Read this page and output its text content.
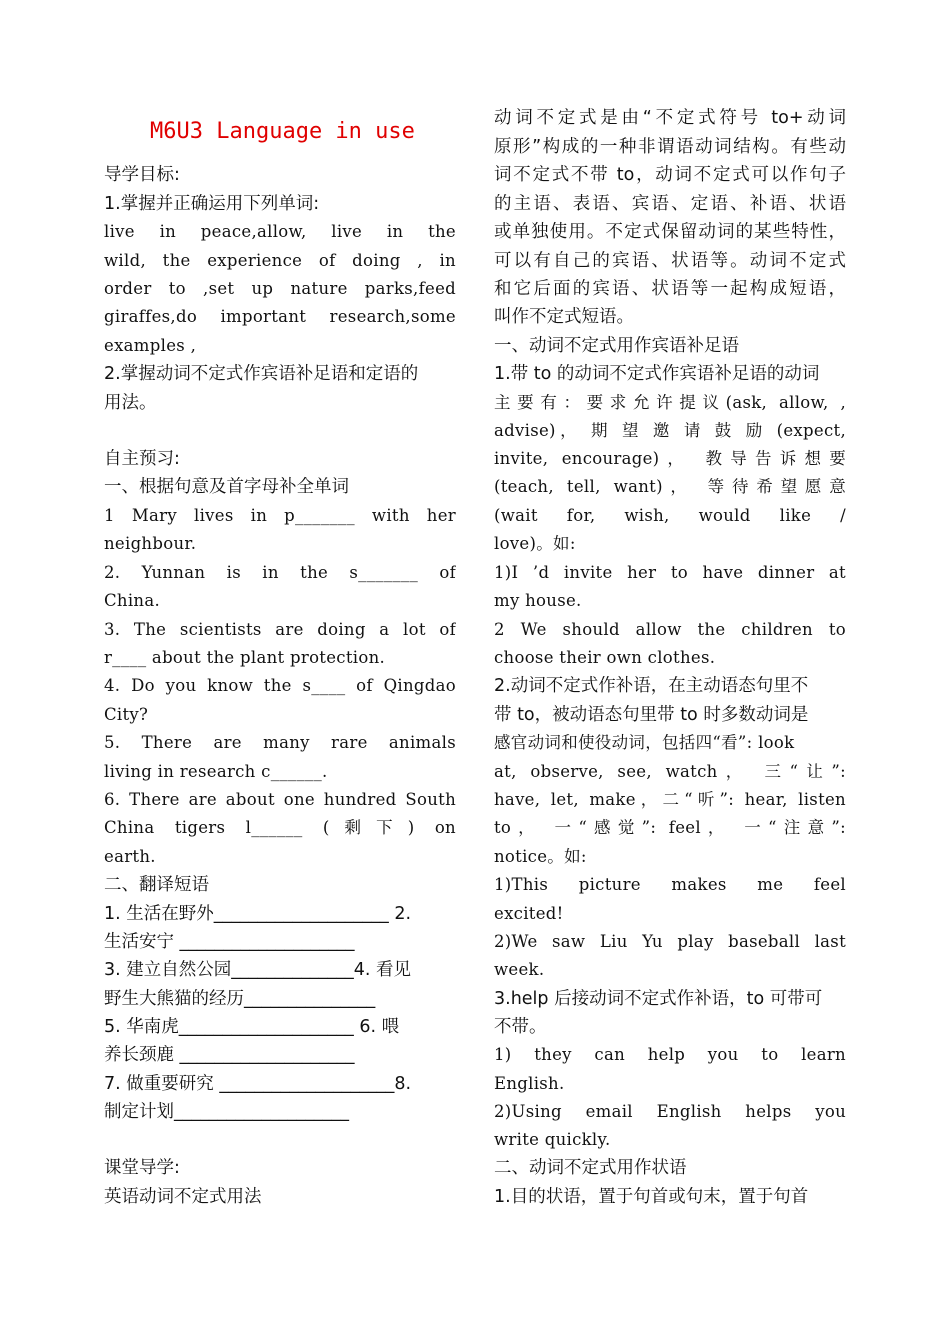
M6U3 Language in use
导学目标:
1.掌握并正确运用下列单词:
live in peace,allow, live in the
wild, the experience of doing , in
order to ,set up nature parks,feed
giraffes,do important research,some
examples ,
2.掌握动词不定式作宾语补足语和定语的
用法。
自主预习:
一、根据句意及首字母补全单词
1 Mary lives in p_______ with her
neighbour.
2. Yunnan is in the s_______ of
China.
3. The scientists are doing a lot of
r____ about the plant protection.
4. Do you know the s____ of Qingdao
City?
5. There are many rare animals
living in research c______.
6. There are about one hundred South
China tigers l______ (剩下) on
earth.
二、翻译短语
1. 生活在野外____________________ 2.
生活安宁 ____________________
3. 建立自然公园______________4. 看见
野生大熊猫的经历_______________
5. 华南虎____________________ 6. 喂
养长颈鹿 ____________________
7. 做重要研究 ____________________8.
制定计划____________________
课堂导学:
英语动词不定式用法
动词不定式是由“不定式符号 to+动词
原形”构成的一种非谓语动词结构。有些动
词不定式不带 to，动词不定式可以作句子
的主语、表语、宾语、定语、补语、状语
或单独使用。不定式保留动词的某些特性，
可以有自己的宾语、状语等。动词不定式
和它后面的宾语、状语等一起构成短语，
叫作不定式短语。
一、动词不定式用作宾语补足语
1.带 to 的动词不定式作宾语补足语的动词
主要有：要求允许提议(ask, allow, ,
advise)， 期 望 邀 请 鼓 励 (expect,
invite, encourage)， 教导告诉想要
(teach, tell, want)， 等待希望愿意
(wait for, wish, would like /
love)。如:
1)I ’d invite her to have dinner at
my house.
2 We should allow the children to
choose their own clothes.
2.动词不定式作补语，在主动语态句里不
带 to，被动语态句里带 to 时多数动词是
感官动词和使役动词，包括四“看”: look
at, observe, see, watch， 三“让”:
have, let, make，二“听”: hear, listen
to， 一“感觉”: feel， 一“注意”:
notice。如:
1)This picture makes me feel
excited!
2)We saw Liu Yu play baseball last
week.
3.help 后接动词不定式作补语，to 可带可
不带。
1) they can help you to learn
English.
2)Using email English helps you
write quickly.
二、动词不定式用作状语
1.目的状语，置于句首或句末，置于句首
